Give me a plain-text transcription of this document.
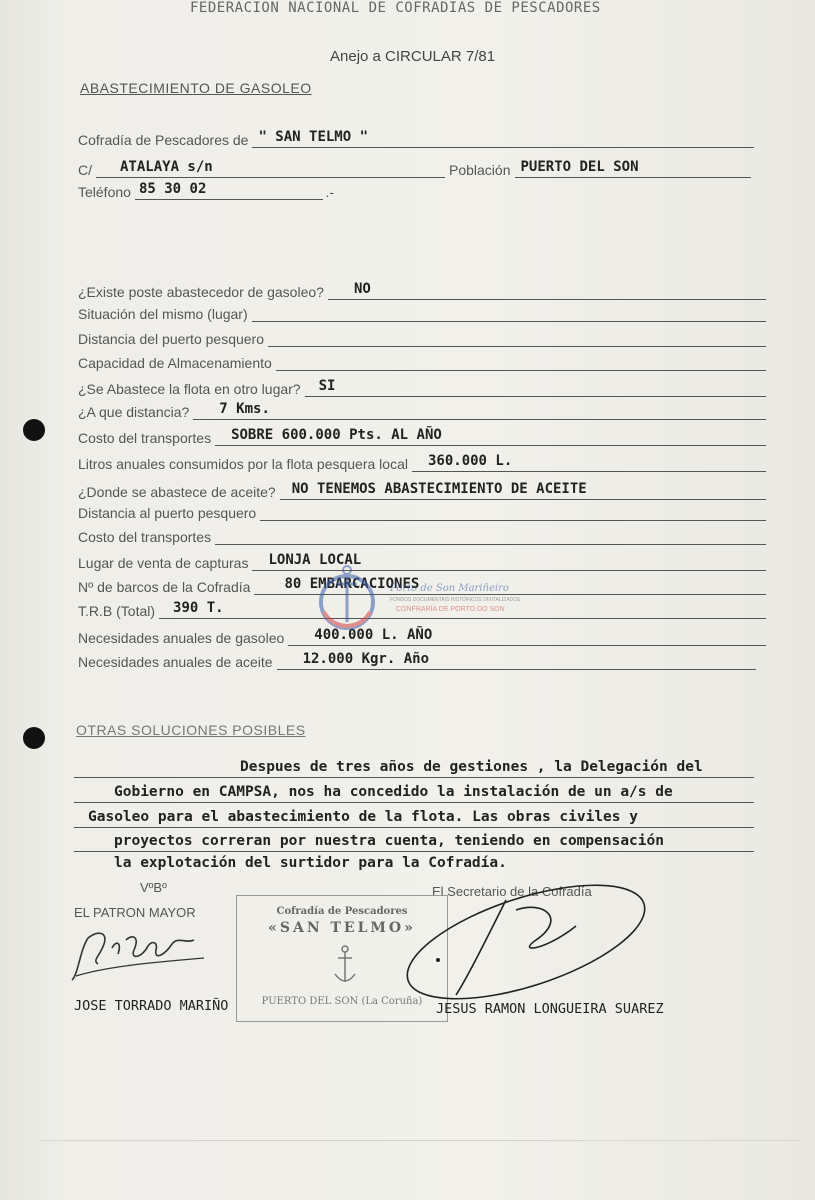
FEDERACION NACIONAL DE COFRADIAS DE PESCADORES
Anejo a CIRCULAR 7/81
ABASTECIMIENTO DE GASOLEO
Cofradía de Pescadores de " SAN TELMO "
C/	ATALAYA s/n	Población PUERTO DEL SON
Teléfono 85 30 02	.-
¿Existe poste abastecedor de gasoleo?	NO
Situación del mismo (lugar)
Distancia del puerto pesquero
Capacidad de Almacenamiento
¿Se Abastece la flota en otro lugar?	SI
¿A que distancia?	7 Kms.
Costo del transportes	SOBRE 600.000 Pts. AL AÑO
Litros anuales consumidos por la flota pesquera local	360.000 L.
¿Donde se abastece de aceite?	NO TENEMOS ABASTECIMIENTO DE ACEITE
Distancia al puerto pesquero
Costo del transportes
Lugar de venta de capturas	LONJA LOCAL
Nº de barcos de la Cofradía	80 EMBARCACIONES
T.R.B (Total)	390 T.
Necesidades anuales de gasoleo	400.000 L. AÑO
Necesidades anuales de aceite	12.000 Kgr. Año
Porto de Son Mariñeiro
FONDOS DOCUMENTAIS HISTÓRICOS DIXITALIZADOS
CONFRARÍA DE PORTO DO SON
OTRAS SOLUCIONES POSIBLES
Despues de tres años de gestiones , la Delegación del
Gobierno en CAMPSA, nos ha concedido la instalación de un a/s de
Gasoleo para el abastecimiento de la flota. Las obras civiles y
proyectos correran por nuestra cuenta, teniendo en compensación
la explotación del surtidor para la Cofradía.
VºBº
EL PATRON MAYOR
El Secretario de la Cofradía
Cofradía de Pescadores
«SAN TELMO»
PUERTO DEL SON (La Coruña)
JOSE TORRADO MARIÑO	JESUS RAMON LONGUEIRA SUAREZ
